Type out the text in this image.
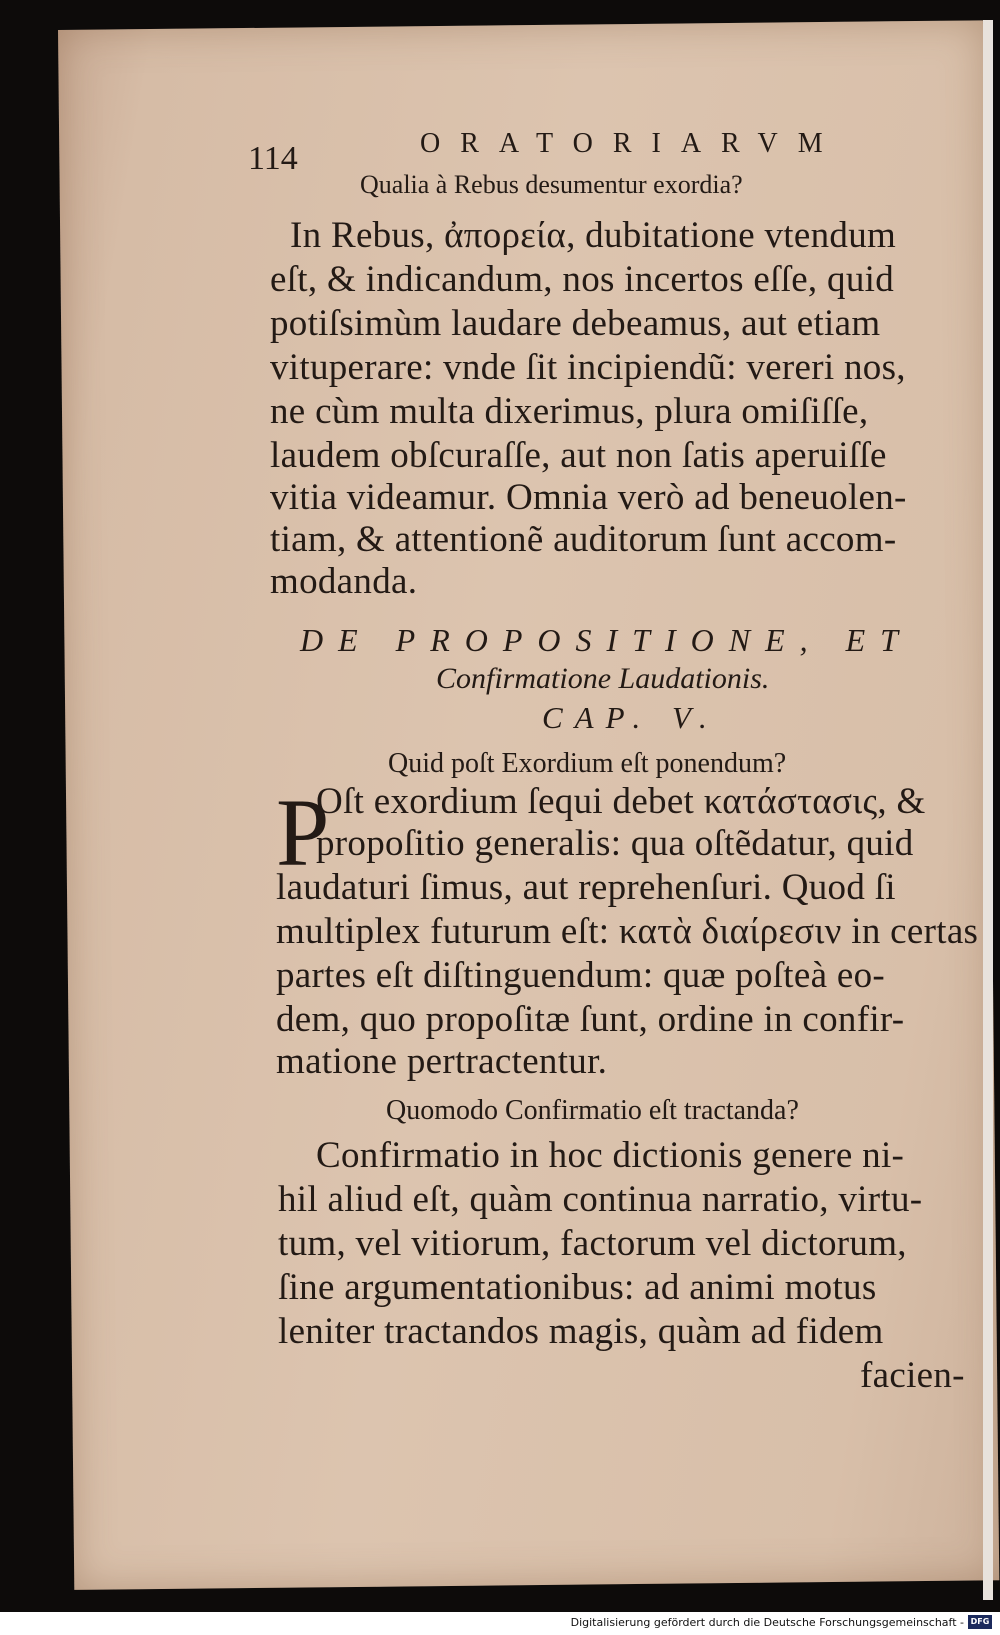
114	ORATORIARVM
Qualia à Rebus desumentur exordia?
In Rebus, ἀπορεία, dubitatione vtendum
eſt, & indicandum, nos incertos eſſe, quid
potiſsimùm laudare debeamus, aut etiam
vituperare: vnde ſit incipiendũ: vereri nos,
ne cùm multa dixerimus, plura omiſiſſe,
laudem obſcuraſſe, aut non ſatis aperuiſſe
vitia videamur. Omnia verò ad beneuolen-
tiam, & attentionẽ auditorum ſunt accom-
modanda.
DE PROPOSITIONE, ET
Confirmatione Laudationis.
CAP. V.
Quid poſt Exordium eſt ponendum?
P
Oſt exordium ſequi debet κατάστασις, &
propoſitio generalis: qua oſtẽdatur, quid
laudaturi ſimus, aut reprehenſuri. Quod ſi
multiplex futurum eſt: κατὰ διαίρεσιν in certas
partes eſt diſtinguendum: quæ poſteà eo-
dem, quo propoſitæ ſunt, ordine in confir-
matione pertractentur.
Quomodo Confirmatio eſt tractanda?
Confirmatio in hoc dictionis genere ni-
hil aliud eſt, quàm continua narratio, virtu-
tum, vel vitiorum, factorum vel dictorum,
ſine argumentationibus: ad animi motus
leniter tractandos magis, quàm ad fidem
facien-
Digitalisierung gefördert durch die Deutsche Forschungsgemeinschaft - DFG
